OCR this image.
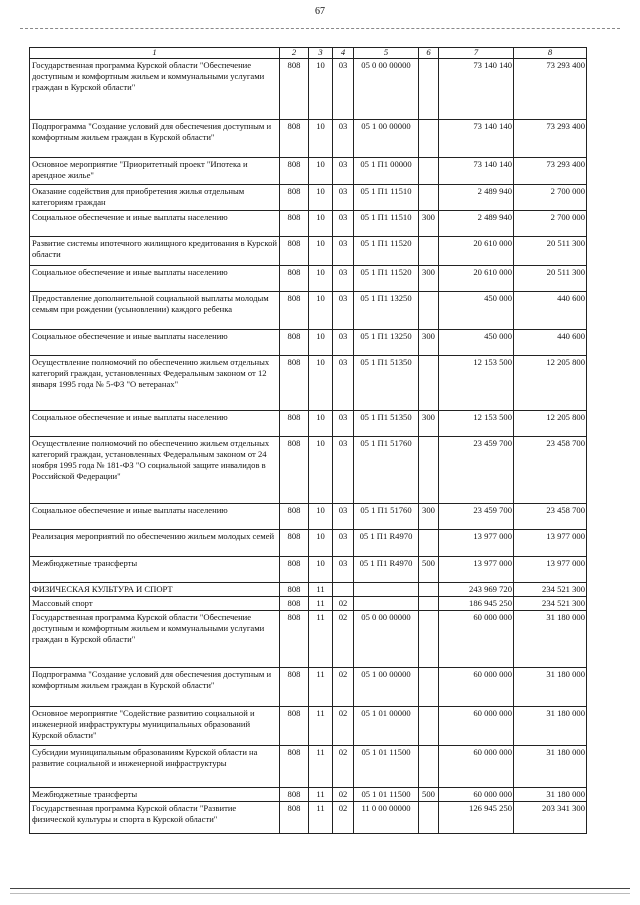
67
1	2	3	4	5	6	7	8
Государственная программа Курской области "Обеспечение доступным и комфортным жильем и коммунальными услугами граждан в Курской области"	808	10	03	05 0 00 00000		73 140 140	73 293 400
Подпрограмма "Создание условий для обеспечения доступным и комфортным жильем граждан в Курской области"	808	10	03	05 1 00 00000		73 140 140	73 293 400
Основное мероприятие "Приоритетный проект "Ипотека и арендное жилье"	808	10	03	05 1 П1 00000		73 140 140	73 293 400
Оказание содействия для приобретения жилья отдельным категориям граждан	808	10	03	05 1 П1 11510		2 489 940	2 700 000
Социальное обеспечение и иные выплаты населению	808	10	03	05 1 П1 11510	300	2 489 940	2 700 000
Развитие системы ипотечного жилищного кредитования в Курской области	808	10	03	05 1 П1 11520		20 610 000	20 511 300
Социальное обеспечение и иные выплаты населению	808	10	03	05 1 П1 11520	300	20 610 000	20 511 300
Предоставление дополнительной социальной выплаты молодым семьям при рождении (усыновлении) каждого ребенка	808	10	03	05 1 П1 13250		450 000	440 600
Социальное обеспечение и иные выплаты населению	808	10	03	05 1 П1 13250	300	450 000	440 600
Осуществление полномочий по обеспечению жильем отдельных категорий граждан, установленных Федеральным законом от 12 января 1995 года № 5-ФЗ "О ветеранах"	808	10	03	05 1 П1 51350		12 153 500	12 205 800
Социальное обеспечение и иные выплаты населению	808	10	03	05 1 П1 51350	300	12 153 500	12 205 800
Осуществление полномочий по обеспечению жильем отдельных категорий граждан, установленных Федеральным законом от 24 ноября 1995 года № 181-ФЗ "О социальной защите инвалидов в Российской Федерации"	808	10	03	05 1 П1 51760		23 459 700	23 458 700
Социальное обеспечение и иные выплаты населению	808	10	03	05 1 П1 51760	300	23 459 700	23 458 700
Реализация мероприятий по обеспечению жильем молодых семей	808	10	03	05 1 П1 R4970		13 977 000	13 977 000
Межбюджетные трансферты	808	10	03	05 1 П1 R4970	500	13 977 000	13 977 000
ФИЗИЧЕСКАЯ КУЛЬТУРА И СПОРТ	808	11				243 969 720	234 521 300
Массовый спорт	808	11	02			186 945 250	234 521 300
Государственная программа Курской области "Обеспечение доступным и комфортным жильем и коммунальными услугами граждан в Курской области"	808	11	02	05 0 00 00000		60 000 000	31 180 000
Подпрограмма "Создание условий для обеспечения доступным и комфортным жильем граждан в Курской области"	808	11	02	05 1 00 00000		60 000 000	31 180 000
Основное мероприятие "Содействие развитию социальной и инженерной инфраструктуры муниципальных образований Курской области"	808	11	02	05 1 01 00000		60 000 000	31 180 000
Субсидии муниципальным образованиям Курской области на развитие социальной и инженерной инфраструктуры	808	11	02	05 1 01 11500		60 000 000	31 180 000
Межбюджетные трансферты	808	11	02	05 1 01 11500	500	60 000 000	31 180 000
Государственная программа Курской области "Развитие физической культуры и спорта в Курской области"	808	11	02	11 0 00 00000		126 945 250	203 341 300
